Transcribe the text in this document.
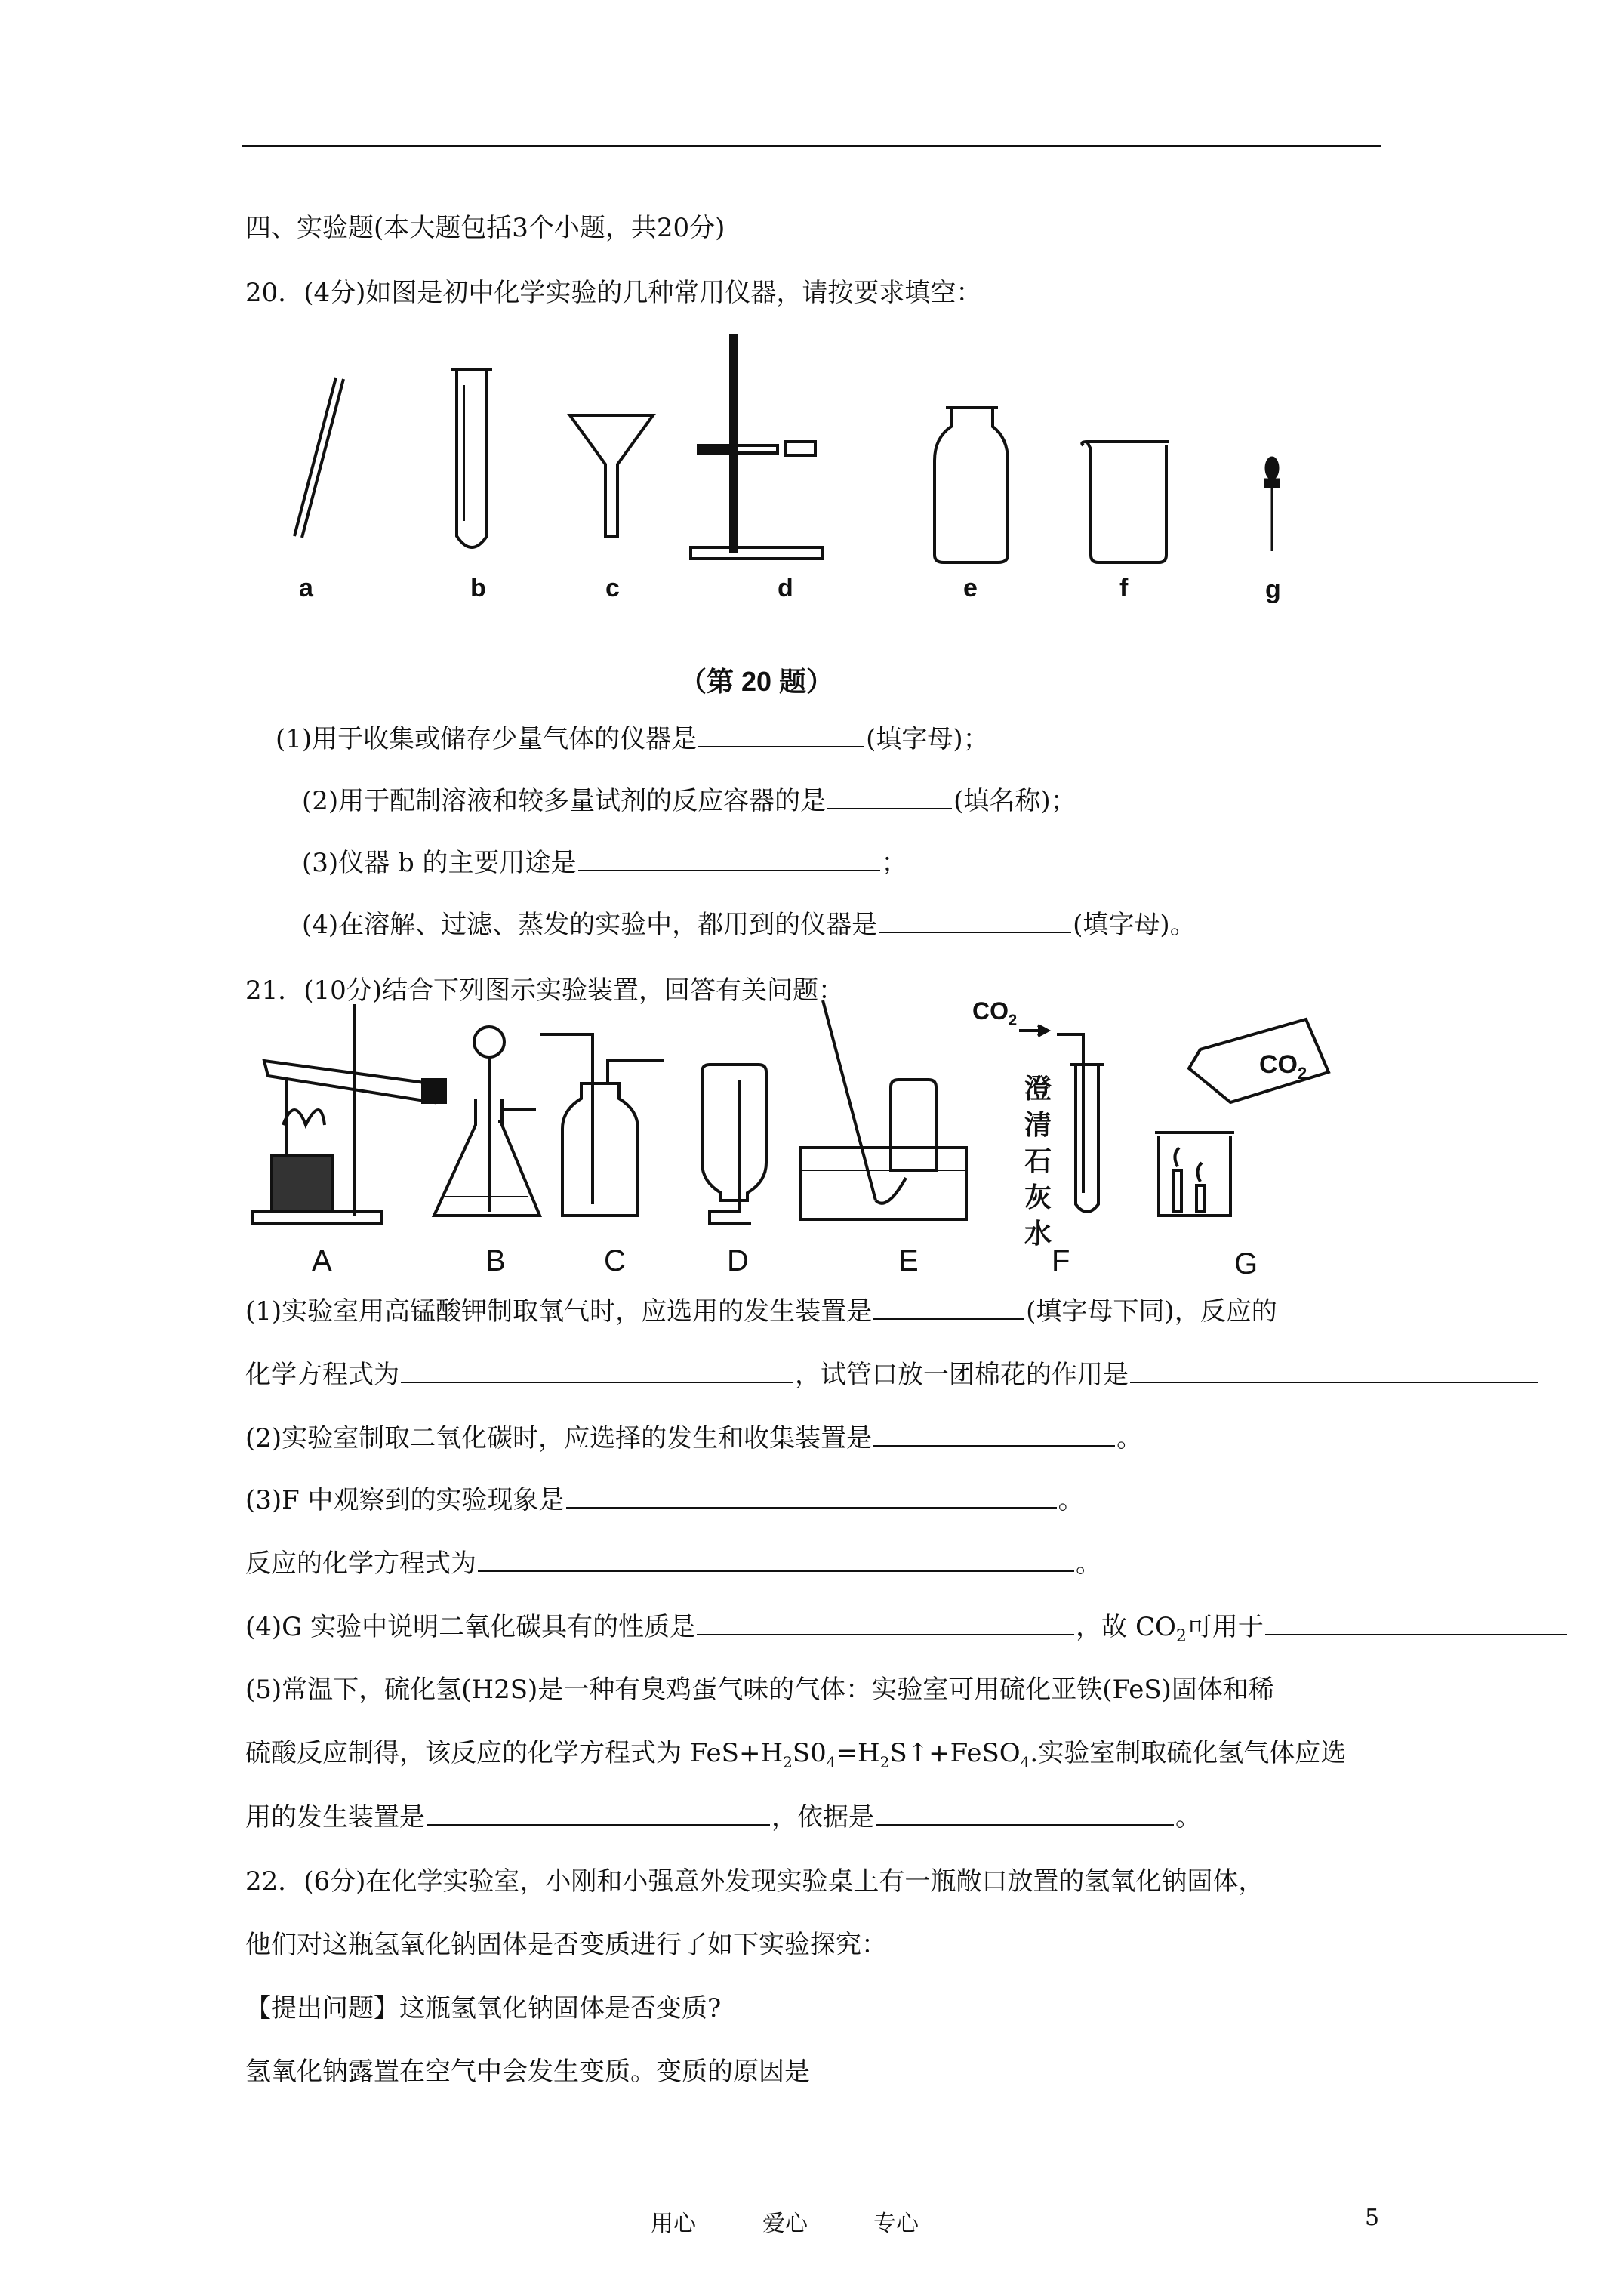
四、实验题(本大题包括3个小题，共20分)
20．(4分)如图是初中化学实验的几种常用仪器，请按要求填空：
a	b	c	d	e	f	g
（第 20 题）
(1)用于收集或储存少量气体的仪器是	(填字母)；
(2)用于配制溶液和较多量试剂的反应容器的是	(填名称)；
(3)仪器 b 的主要用途是	；
(4)在溶解、过滤、蒸发的实验中，都用到的仪器是	(填字母)。
21．(10分)结合下列图示实验装置，回答有关问题：
$CO_2$
$CO_2$
澄
清
石
灰
水
A	B	C	D	E	F	G
(1)实验室用高锰酸钾制取氧气时，应选用的发生装置是	(填字母下同)，反应的
化学方程式为	，试管口放一团棉花的作用是
(2)实验室制取二氧化碳时，应选择的发生和收集装置是	。
(3)F 中观察到的实验现象是	。
反应的化学方程式为	。
(4)G 实验中说明二氧化碳具有的性质是	，故 $CO_2$可用于
(5)常温下，硫化氢(H2S)是一种有臭鸡蛋气味的气体：实验室可用硫化亚铁(FeS)固体和稀
硫酸反应制得，该反应的化学方程式为 $FeS+H_2S0_4=H_2S↑+FeSO_4$.实验室制取硫化氢气体应选
用的发生装置是	，依据是	。
22．(6分)在化学实验室，小刚和小强意外发现实验桌上有一瓶敞口放置的氢氧化钠固体，
他们对这瓶氢氧化钠固体是否变质进行了如下实验探究：
【提出问题】这瓶氢氧化钠固体是否变质?
氢氧化钠露置在空气中会发生变质。变质的原因是
用心	爱心	专心	5
